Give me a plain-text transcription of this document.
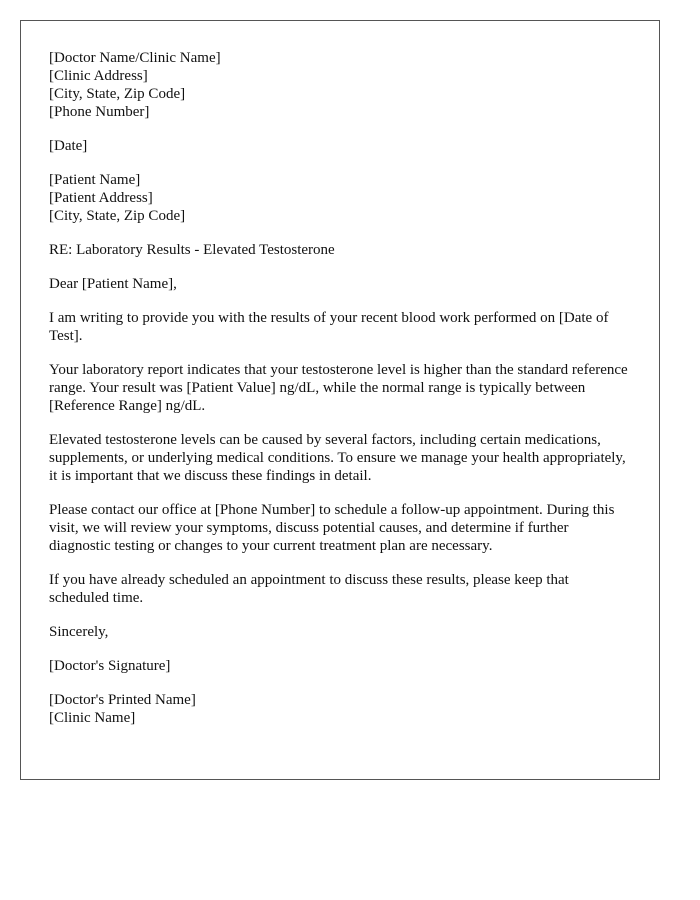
[Doctor Name/Clinic Name]
[Clinic Address]
[City, State, Zip Code]
[Phone Number]
[Date]
[Patient Name]
[Patient Address]
[City, State, Zip Code]

RE: Laboratory Results - Elevated Testosterone

Dear [Patient Name],

I am writing to provide you with the results of your recent blood work performed on [Date of Test].

Your laboratory report indicates that your testosterone level is higher than the standard reference range. Your result was [Patient Value] ng/dL, while the normal range is typically between [Reference Range] ng/dL.

Elevated testosterone levels can be caused by several factors, including certain medications, supplements, or underlying medical conditions. To ensure we manage your health appropriately, it is important that we discuss these findings in detail.

Please contact our office at [Phone Number] to schedule a follow-up appointment. During this visit, we will review your symptoms, discuss potential causes, and determine if further diagnostic testing or changes to your current treatment plan are necessary.

If you have already scheduled an appointment to discuss these results, please keep that scheduled time.

Sincerely,

[Doctor's Signature]

[Doctor's Printed Name]
[Clinic Name]
